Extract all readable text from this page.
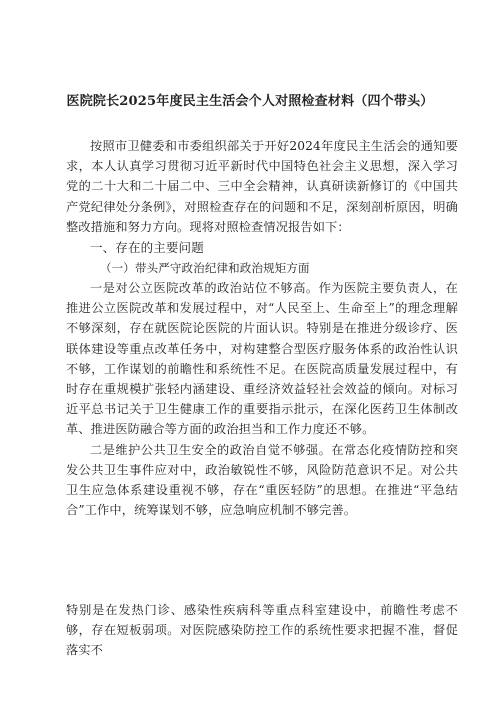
医院院长2025年度民主生活会个人对照检查材料（四个带头）

按照市卫健委和市委组织部关于开好2024年度民主生活会的通知要求，本人认真学习贯彻习近平新时代中国特色社会主义思想，深入学习党的二十大和二十届二中、三中全会精神，认真研读新修订的《中国共产党纪律处分条例》，对照检查存在的问题和不足，深刻剖析原因，明确整改措施和努力方向。现将对照检查情况报告如下：

一、存在的主要问题

（一）带头严守政治纪律和政治规矩方面

一是对公立医院改革的政治站位不够高。作为医院主要负责人，在推进公立医院改革和发展过程中，对“人民至上、生命至上”的理念理解不够深刻，存在就医院论医院的片面认识。特别是在推进分级诊疗、医联体建设等重点改革任务中，对构建整合型医疗服务体系的政治性认识不够，工作谋划的前瞻性和系统性不足。在医院高质量发展过程中，有时存在重规模扩张轻内涵建设、重经济效益轻社会效益的倾向。对标习近平总书记关于卫生健康工作的重要指示批示，在深化医药卫生体制改革、推进医防融合等方面的政治担当和工作力度还不够。

二是维护公共卫生安全的政治自觉不够强。在常态化疫情防控和突发公共卫生事件应对中，政治敏锐性不够，风险防范意识不足。对公共卫生应急体系建设重视不够，存在“重医轻防”的思想。在推进“平急结合”工作中，统筹谋划不够，应急响应机制不够完善。

特别是在发热门诊、感染性疾病科等重点科室建设中，前瞻性考虑不够，存在短板弱项。对医院感染防控工作的系统性要求把握不准，督促落实不
